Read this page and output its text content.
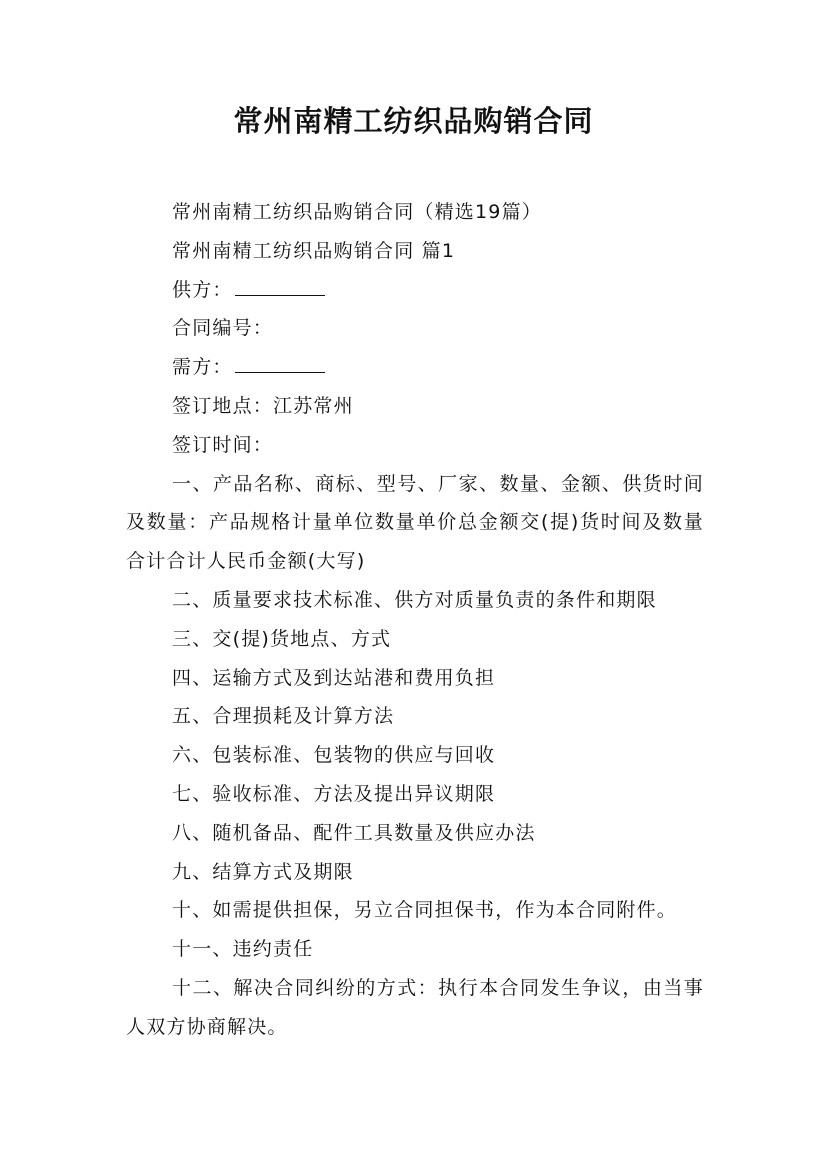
常州南精工纺织品购销合同

常州南精工纺织品购销合同（精选19篇）

常州南精工纺织品购销合同 篇1

供方：

合同编号：

需方：

签订地点：江苏常州

签订时间：

一、产品名称、商标、型号、厂家、数量、金额、供货时间及数量：产品规格计量单位数量单价总金额交(提)货时间及数量合计合计人民币金额(大写)

二、质量要求技术标准、供方对质量负责的条件和期限

三、交(提)货地点、方式

四、运输方式及到达站港和费用负担

五、合理损耗及计算方法

六、包装标准、包装物的供应与回收

七、验收标准、方法及提出异议期限

八、随机备品、配件工具数量及供应办法

九、结算方式及期限

十、如需提供担保，另立合同担保书，作为本合同附件。

十一、违约责任

十二、解决合同纠纷的方式：执行本合同发生争议，由当事人双方协商解决。
